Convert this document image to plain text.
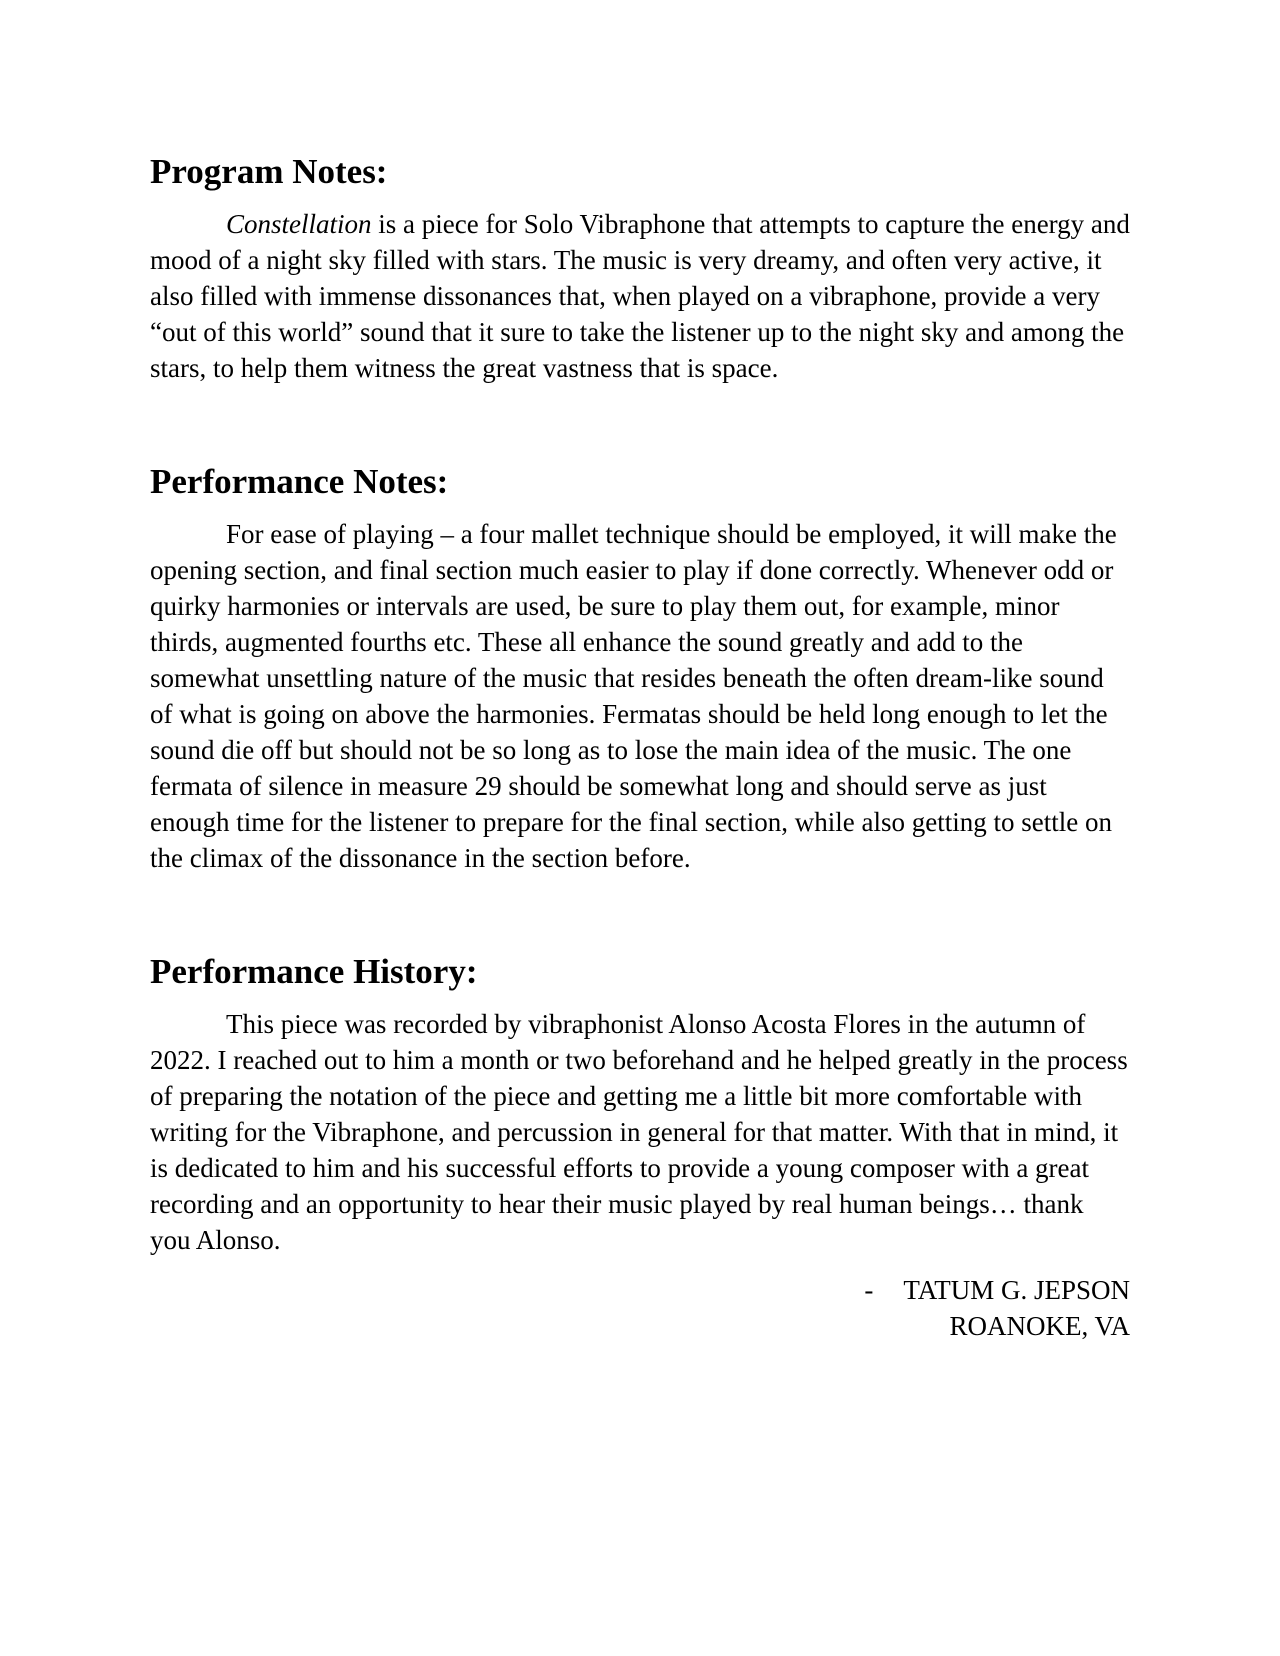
Program Notes:

Constellation is a piece for Solo Vibraphone that attempts to capture the energy and mood of a night sky filled with stars. The music is very dreamy, and often very active, it also filled with immense dissonances that, when played on a vibraphone, provide a very “out of this world” sound that it sure to take the listener up to the night sky and among the stars, to help them witness the great vastness that is space.

Performance Notes:

For ease of playing – a four mallet technique should be employed, it will make the opening section, and final section much easier to play if done correctly. Whenever odd or quirky harmonies or intervals are used, be sure to play them out, for example, minor thirds, augmented fourths etc. These all enhance the sound greatly and add to the somewhat unsettling nature of the music that resides beneath the often dream-like sound of what is going on above the harmonies. Fermatas should be held long enough to let the sound die off but should not be so long as to lose the main idea of the music. The one fermata of silence in measure 29 should be somewhat long and should serve as just enough time for the listener to prepare for the final section, while also getting to settle on the climax of the dissonance in the section before.

Performance History:

This piece was recorded by vibraphonist Alonso Acosta Flores in the autumn of 2022. I reached out to him a month or two beforehand and he helped greatly in the process of preparing the notation of the piece and getting me a little bit more comfortable with writing for the Vibraphone, and percussion in general for that matter. With that in mind, it is dedicated to him and his successful efforts to provide a young composer with a great recording and an opportunity to hear their music played by real human beings… thank you Alonso.

- TATUM G. JEPSON
ROANOKE, VA
